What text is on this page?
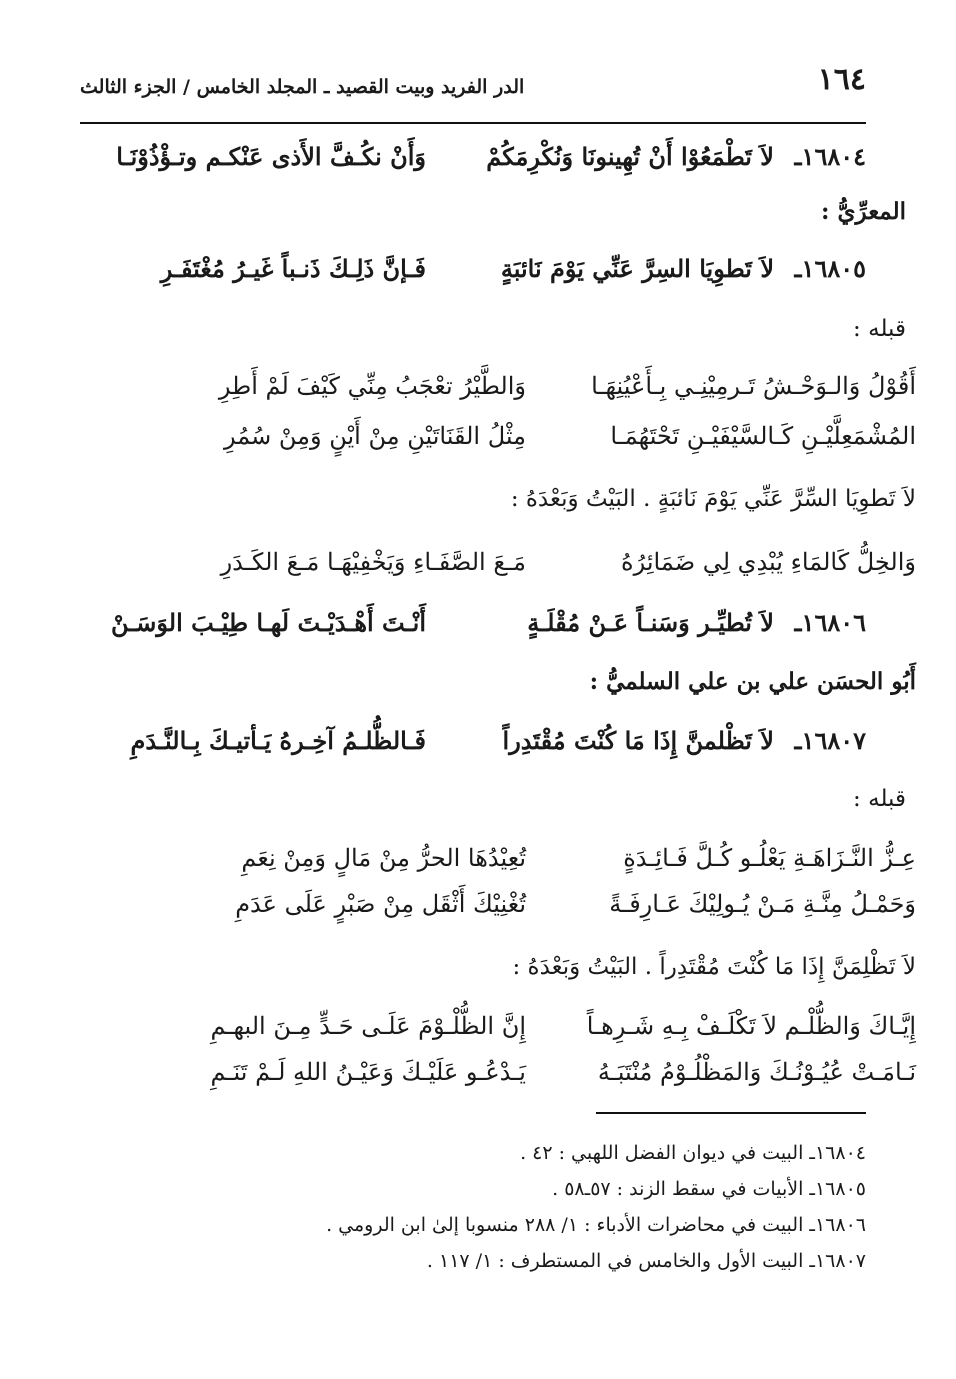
١٦٤
الدر الفريد وبيت القصيد ـ المجلد الخامس / الجزء الثالث
١٦٨٠٤ـ
لاَ تَطْمَعُوْا أَنْ تُهِينونَا وَنُكْرِمَكُمْ
وَأَنْ نكُـفَّ الأَذى عَنْكـم وتـؤْذُوْنَـا
المعرِّيُّ :
١٦٨٠٥ـ
لاَ تَطوِيَا السِرَّ عَنِّي يَوْمَ نَائبَةٍ
فَـإنَّ ذَلِـكَ ذَنـباً غَيـرُ مُغْتَفَـرِ
قبله :
أَقُوْلُ وَالـوَحْـشُ تَـرمِيْنِـي بِـأَعْيُنِهَـا
وَالطَّيْرُ تعْجَبُ مِنِّي كَيْفَ لَمْ أَطِرِ
المُشْمَعِلَّيْـنِ كَـالسَّيْفَيْـنِ تَحْتَهُمَـا
مِثْلُ القَنَاتَيْنِ مِنْ أَيْنٍ وَمِنْ سُمُرِ
لاَ تَطوِيَا السِّرَّ عَنِّي يَوْمَ نَائبَةٍ . البَيْتُ وَبَعْدَهُ :
وَالخِلُّ كَالمَاءِ يُبْدِي لِي ضَمَائِرُهُ
مَـعَ الصَّفَـاءِ وَيَخْفِيْهَـا مَـعَ الكَـدَرِ
١٦٨٠٦ـ
لاَ تُطيِّـر وَسَنـاً عَـنْ مُقْلَـةٍ
أَنْـتَ أَهْـدَيْـتَ لَهـا طِيْـبَ الوَسَـنْ
أَبُو الحسَن علي بن علي السلميُّ :
١٦٨٠٧ـ
لاَ تَظْلمنَّ إِذَا مَا كُنْتَ مُقْتَدِراً
فَـالظُّلـمُ آخِـرهُ يَـأتيـكَ بِـالنَّـدَمِ
قبله :
عِـزُّ النَّـزَاهَـةِ يَعْلُـو كُـلَّ فَـائِـدَةٍ
تُعِيْدُهَا الحرُّ مِنْ مَالٍ وَمِنْ نِعَمِ
وَحَمْـلُ مِنَّـةِ مَـنْ يُـولِيْكَ عَـارِفَـةً
تُغْنِيْكَ أَثْقَل مِنْ صَبْرٍ عَلَى عَدَمِ
لاَ تَظْلِمَنَّ إِذَا مَا كُنْتَ مُقْتَدِراً . البَيْتُ وَبَعْدَهُ :
إِيَّـاكَ وَالظُّلْـم لاَ تَكْلَـفْ بِـهِ شَـرِهـاً
إِنَّ الظُّلْـوْمَ عَلَـى حَـدٍّ مِـنَ البهـمِ
نَـامَـتْ عُيُـوْنُـكَ وَالمَظْلُـوْمُ مُنْتَبَـهُ
يَـدْعُـو عَلَيْـكَ وَعَيْـنُ اللهِ لَـمْ تَنَـمِ
١٦٨٠٤ـ البيت في ديوان الفضل اللهبي : ٤٢ .
١٦٨٠٥ـ الأبيات في سقط الزند : ٥٧ـ٥٨ .
١٦٨٠٦ـ البيت في محاضرات الأدباء : ١/ ٢٨٨ منسوبا إلىٰ ابن الرومي .
١٦٨٠٧ـ البيت الأول والخامس في المستطرف : ١/ ١١٧ .
